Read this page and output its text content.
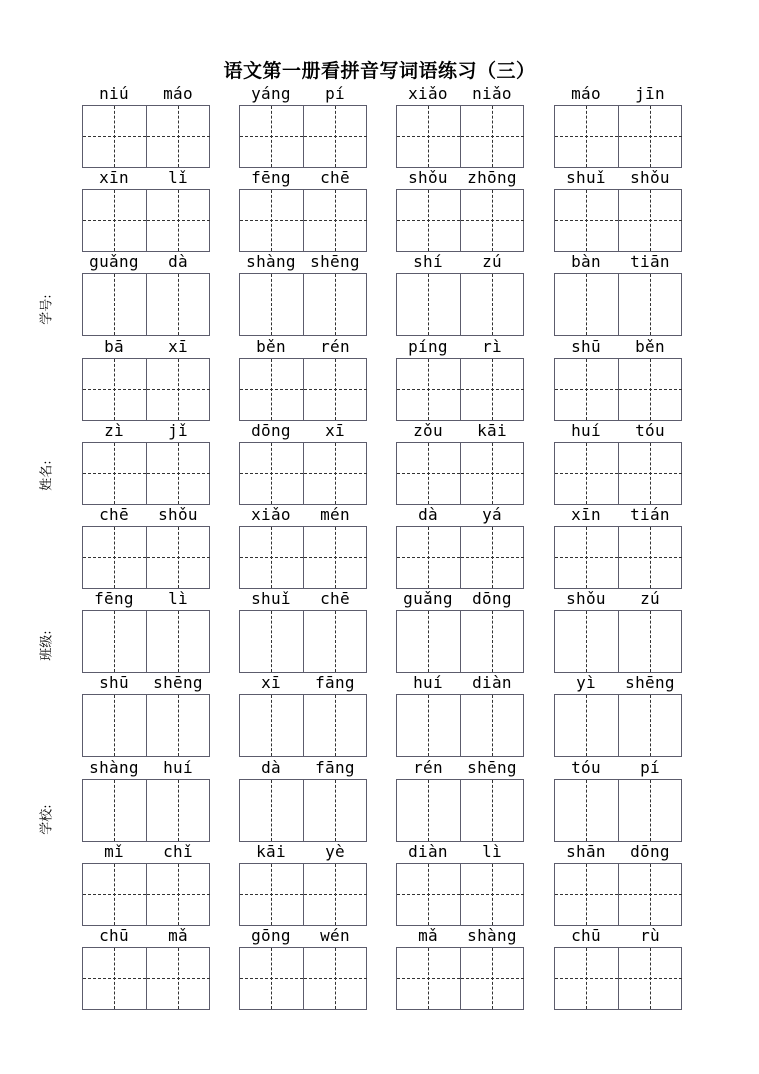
语文第一册看拼音写词语练习（三）
学号:
姓名:
班级:
学校:
niú	máo	yáng	pí	xiǎo	niǎo	máo	jīn
xīn	lǐ	fēng	chē	shǒu	zhōng	shuǐ	shǒu
guǎng	dà	shàng shēng	shí	zú	bàn	tiān
bā	xī	běn	rén	píng	rì	shū	běn
zì	jǐ	dōng	xī	zǒu	kāi	huí	tóu
chē	shǒu	xiǎo	mén	dà	yá	xīn	tián
fēng	lì	shuǐ	chē	guǎng	dōng	shǒu	zú
shū	shēng	xī	fāng	huí	diàn	yì	shēng
shàng	huí	dà	fāng	rén	shēng	tóu	pí
mǐ	chǐ	kāi	yè	diàn	lì	shān	dōng
chū	mǎ	gōng	wén	mǎ	shàng	chū	rù
